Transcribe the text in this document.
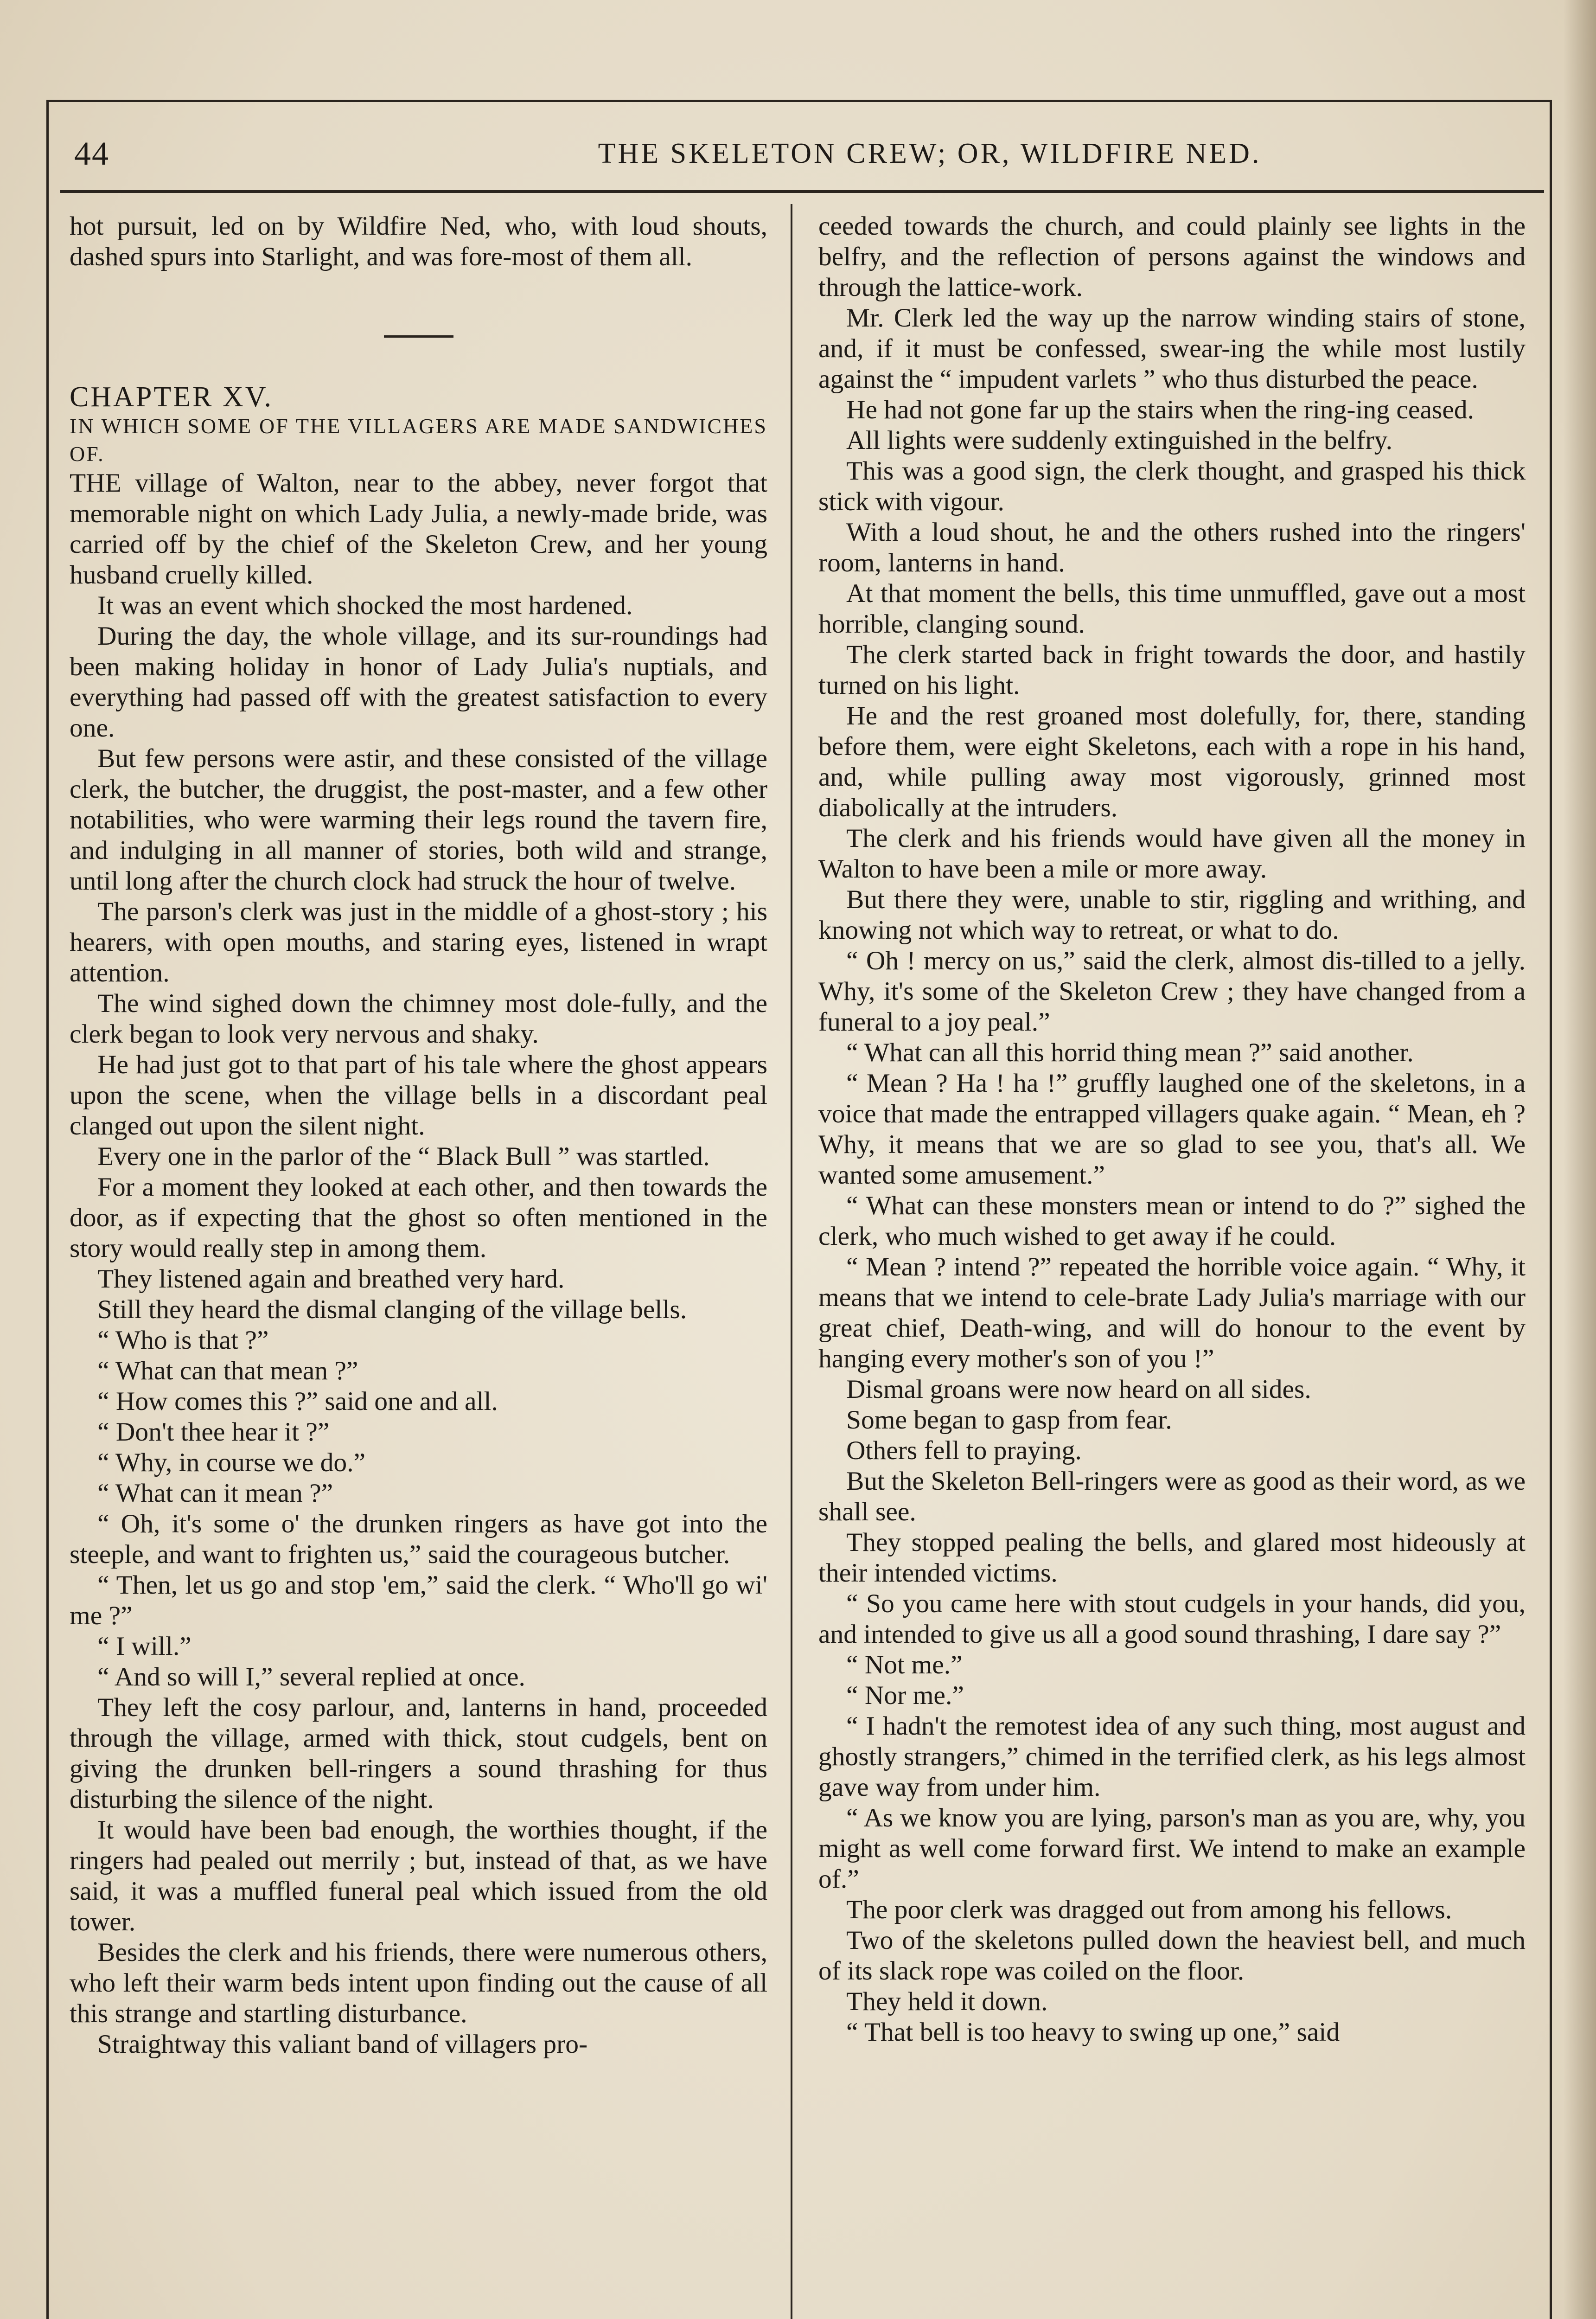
44	THE SKELETON CREW; OR, WILDFIRE NED.

hot pursuit, led on by Wildfire Ned, who, with loud shouts, dashed spurs into Starlight, and was fore-most of them all.

CHAPTER XV.

IN WHICH SOME OF THE VILLAGERS ARE MADE SANDWICHES OF.

THE village of Walton, near to the abbey, never forgot that memorable night on which Lady Julia, a newly-made bride, was carried off by the chief of the Skeleton Crew, and her young husband cruelly killed.

It was an event which shocked the most hardened.

During the day, the whole village, and its sur-roundings had been making holiday in honor of Lady Julia's nuptials, and everything had passed off with the greatest satisfaction to every one.

But few persons were astir, and these consisted of the village clerk, the butcher, the druggist, the post-master, and a few other notabilities, who were warming their legs round the tavern fire, and indulging in all manner of stories, both wild and strange, until long after the church clock had struck the hour of twelve.

The parson's clerk was just in the middle of a ghost-story ; his hearers, with open mouths, and staring eyes, listened in wrapt attention.

The wind sighed down the chimney most dole-fully, and the clerk began to look very nervous and shaky.

He had just got to that part of his tale where the ghost appears upon the scene, when the village bells in a discordant peal clanged out upon the silent night.

Every one in the parlor of the “ Black Bull ” was startled.

For a moment they looked at each other, and then towards the door, as if expecting that the ghost so often mentioned in the story would really step in among them.

They listened again and breathed very hard.

Still they heard the dismal clanging of the village bells.

“ Who is that ?”

“ What can that mean ?”

“ How comes this ?” said one and all.

“ Don't thee hear it ?”

“ Why, in course we do.”

“ What can it mean ?”

“ Oh, it's some o' the drunken ringers as have got into the steeple, and want to frighten us,” said the courageous butcher.

“ Then, let us go and stop 'em,” said the clerk. “ Who'll go wi' me ?”

“ I will.”

“ And so will I,” several replied at once.

They left the cosy parlour, and, lanterns in hand, proceeded through the village, armed with thick, stout cudgels, bent on giving the drunken bell-ringers a sound thrashing for thus disturbing the silence of the night.

It would have been bad enough, the worthies thought, if the ringers had pealed out merrily ; but, instead of that, as we have said, it was a muffled funeral peal which issued from the old tower.

Besides the clerk and his friends, there were numerous others, who left their warm beds intent upon finding out the cause of all this strange and startling disturbance.

Straightway this valiant band of villagers pro-

ceeded towards the church, and could plainly see lights in the belfry, and the reflection of persons against the windows and through the lattice-work.

Mr. Clerk led the way up the narrow winding stairs of stone, and, if it must be confessed, swear-ing the while most lustily against the “ impudent varlets ” who thus disturbed the peace.

He had not gone far up the stairs when the ring-ing ceased.

All lights were suddenly extinguished in the belfry.

This was a good sign, the clerk thought, and grasped his thick stick with vigour.

With a loud shout, he and the others rushed into the ringers' room, lanterns in hand.

At that moment the bells, this time unmuffled, gave out a most horrible, clanging sound.

The clerk started back in fright towards the door, and hastily turned on his light.

He and the rest groaned most dolefully, for, there, standing before them, were eight Skeletons, each with a rope in his hand, and, while pulling away most vigorously, grinned most diabolically at the intruders.

The clerk and his friends would have given all the money in Walton to have been a mile or more away.

But there they were, unable to stir, riggling and writhing, and knowing not which way to retreat, or what to do.

“ Oh ! mercy on us,” said the clerk, almost dis-tilled to a jelly. Why, it's some of the Skeleton Crew ; they have changed from a funeral to a joy peal.”

“ What can all this horrid thing mean ?” said another.

“ Mean ? Ha ! ha !” gruffly laughed one of the skeletons, in a voice that made the entrapped villagers quake again. “ Mean, eh ? Why, it means that we are so glad to see you, that's all. We wanted some amusement.”

“ What can these monsters mean or intend to do ?” sighed the clerk, who much wished to get away if he could.

“ Mean ? intend ?” repeated the horrible voice again. “ Why, it means that we intend to cele-brate Lady Julia's marriage with our great chief, Death-wing, and will do honour to the event by hanging every mother's son of you !”

Dismal groans were now heard on all sides.

Some began to gasp from fear.

Others fell to praying.

But the Skeleton Bell-ringers were as good as their word, as we shall see.

They stopped pealing the bells, and glared most hideously at their intended victims.

“ So you came here with stout cudgels in your hands, did you, and intended to give us all a good sound thrashing, I dare say ?”

“ Not me.”

“ Nor me.”

“ I hadn't the remotest idea of any such thing, most august and ghostly strangers,” chimed in the terrified clerk, as his legs almost gave way from under him.

“ As we know you are lying, parson's man as you are, why, you might as well come forward first. We intend to make an example of.”

The poor clerk was dragged out from among his fellows.

Two of the skeletons pulled down the heaviest bell, and much of its slack rope was coiled on the floor.

They held it down.

“ That bell is too heavy to swing up one,” said
